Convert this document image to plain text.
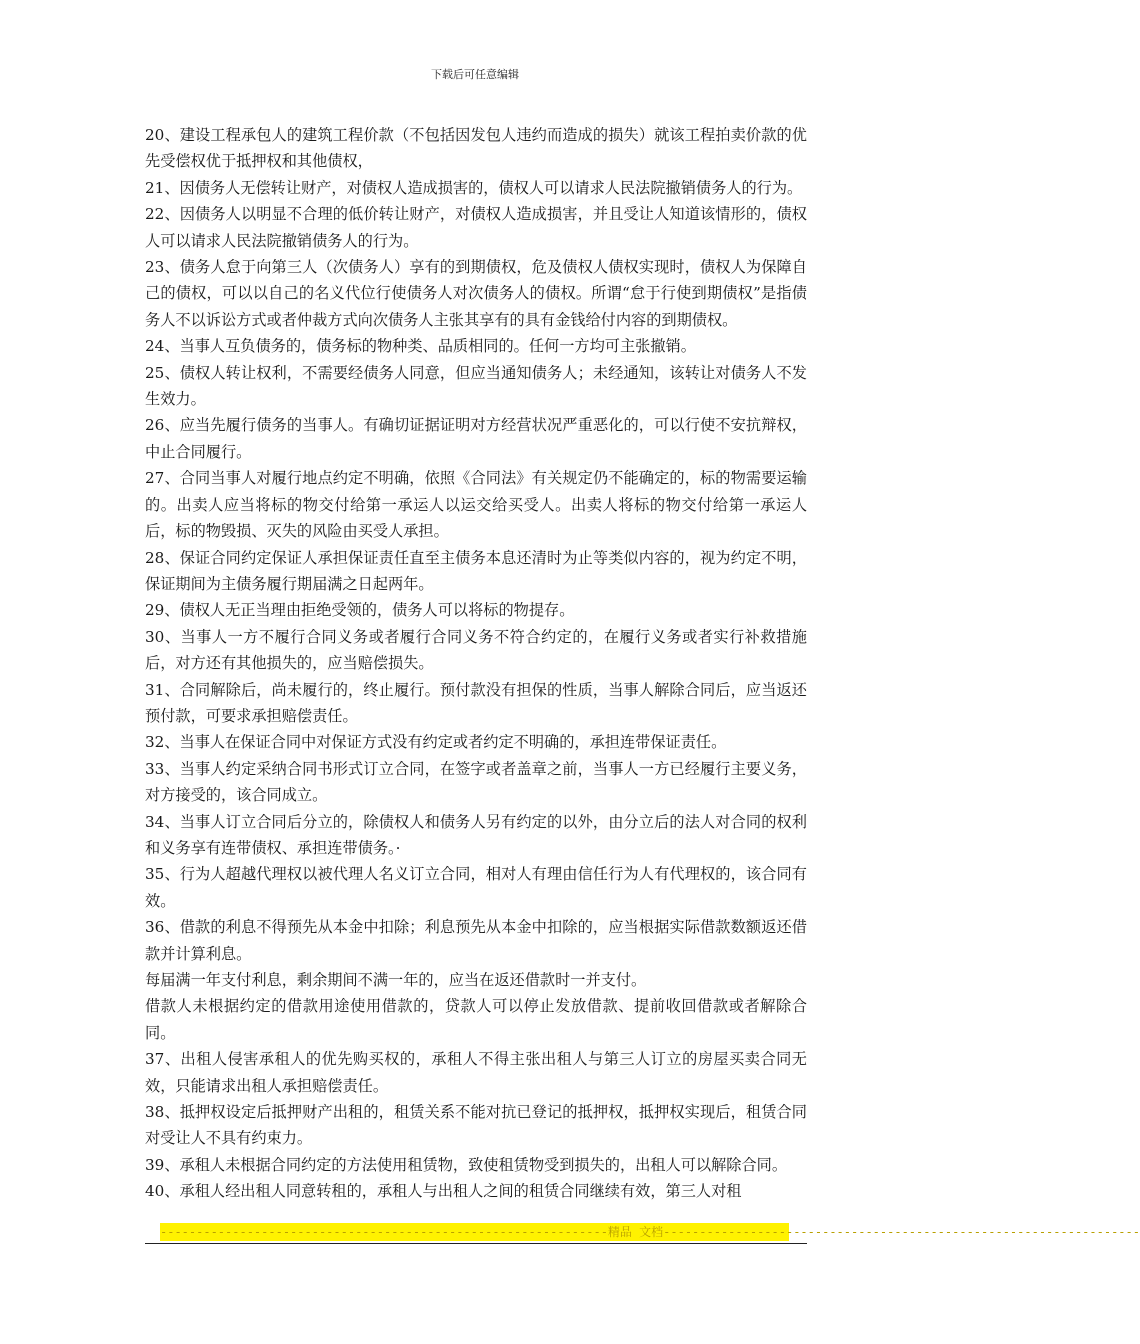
下载后可任意编辑

20、建设工程承包人的建筑工程价款（不包括因发包人违约而造成的损失）就该工程拍卖价款的优先受偿权优于抵押权和其他债权，

21、因债务人无偿转让财产，对债权人造成损害的，债权人可以请求人民法院撤销债务人的行为。

22、因债务人以明显不合理的低价转让财产，对债权人造成损害，并且受让人知道该情形的，债权人可以请求人民法院撤销债务人的行为。

23、债务人怠于向第三人（次债务人）享有的到期债权，危及债权人债权实现时，债权人为保障自己的债权，可以以自己的名义代位行使债务人对次债务人的债权。所谓“怠于行使到期债权”是指债务人不以诉讼方式或者仲裁方式向次债务人主张其享有的具有金钱给付内容的到期债权。

24、当事人互负债务的，债务标的物种类、品质相同的。任何一方均可主张撤销。

25、债权人转让权利，不需要经债务人同意，但应当通知债务人；未经通知，该转让对债务人不发生效力。

26、应当先履行债务的当事人。有确切证据证明对方经营状况严重恶化的，可以行使不安抗辩权，中止合同履行。

27、合同当事人对履行地点约定不明确，依照《合同法》有关规定仍不能确定的，标的物需要运输的。出卖人应当将标的物交付给第一承运人以运交给买受人。出卖人将标的物交付给第一承运人后，标的物毁损、灭失的风险由买受人承担。

28、保证合同约定保证人承担保证责任直至主债务本息还清时为止等类似内容的，视为约定不明，保证期间为主债务履行期届满之日起两年。

29、债权人无正当理由拒绝受领的，债务人可以将标的物提存。

30、当事人一方不履行合同义务或者履行合同义务不符合约定的，在履行义务或者实行补救措施后，对方还有其他损失的，应当赔偿损失。

31、合同解除后，尚未履行的，终止履行。预付款没有担保的性质，当事人解除合同后，应当返还预付款，可要求承担赔偿责任。

32、当事人在保证合同中对保证方式没有约定或者约定不明确的，承担连带保证责任。

33、当事人约定采纳合同书形式订立合同，在签字或者盖章之前，当事人一方已经履行主要义务，对方接受的，该合同成立。

34、当事人订立合同后分立的，除债权人和债务人另有约定的以外，由分立后的法人对合同的权利和义务享有连带债权、承担连带债务。·

35、行为人超越代理权以被代理人名义订立合同，相对人有理由信任行为人有代理权的，该合同有效。

36、借款的利息不得预先从本金中扣除；利息预先从本金中扣除的，应当根据实际借款数额返还借款并计算利息。

每届满一年支付利息，剩余期间不满一年的，应当在返还借款时一并支付。

借款人未根据约定的借款用途使用借款的，贷款人可以停止发放借款、提前收回借款或者解除合同。

37、出租人侵害承租人的优先购买权的，承租人不得主张出租人与第三人订立的房屋买卖合同无效，只能请求出租人承担赔偿责任。

38、抵押权设定后抵押财产出租的，租赁关系不能对抗已登记的抵押权，抵押权实现后，租赁合同对受让人不具有约束力。

39、承租人未根据合同约定的方法使用租赁物，致使租赁物受到损失的，出租人可以解除合同。

40、承租人经出租人同意转租的，承租人与出租人之间的租赁合同继续有效，第三人对租

--------------------------------------------------------------精品 文档------------------------------------------------------------------
